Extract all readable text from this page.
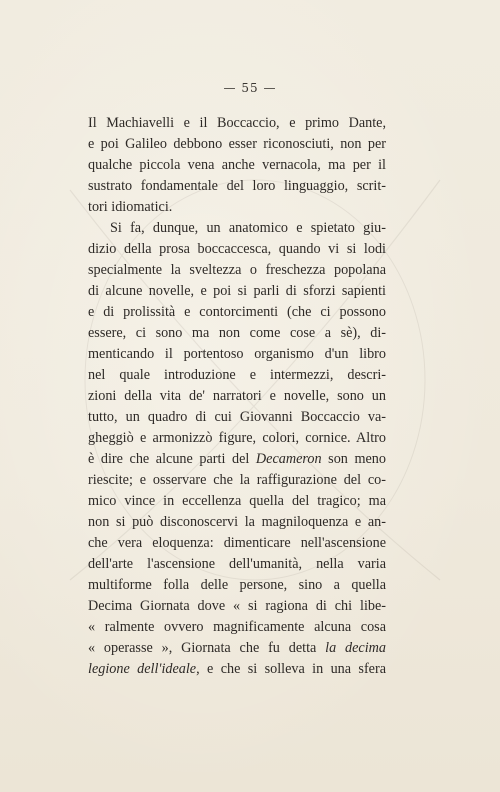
— 55 —
Il Machiavelli e il Boccaccio, e primo Dante,
e poi Galileo debbono esser riconosciuti, non per
qualche piccola vena anche vernacola, ma per il
sustrato fondamentale del loro linguaggio, scrit-
tori idiomatici.
Si fa, dunque, un anatomico e spietato giu-
dizio della prosa boccaccesca, quando vi si lodi
specialmente la sveltezza o freschezza popolana
di alcune novelle, e poi si parli di sforzi sapienti
e di prolissità e contorcimenti (che ci possono
essere, ci sono ma non come cose a sè), di-
menticando il portentoso organismo d'un libro
nel quale introduzione e intermezzi, descri-
zioni della vita de' narratori e novelle, sono un
tutto, un quadro di cui Giovanni Boccaccio va-
gheggiò e armonizzò figure, colori, cornice. Altro
è dire che alcune parti del Decameron son meno
riescite; e osservare che la raffigurazione del co-
mico vince in eccellenza quella del tragico; ma
non si può disconoscervi la magniloquenza e an-
che vera eloquenza: dimenticare nell'ascensione
dell'arte l'ascensione dell'umanità, nella varia
multiforme folla delle persone, sino a quella
Decima Giornata dove « si ragiona di chi libe-
« ralmente ovvero magnificamente alcuna cosa
« operasse », Giornata che fu detta la decima
legione dell'ideale, e che si solleva in una sfera
